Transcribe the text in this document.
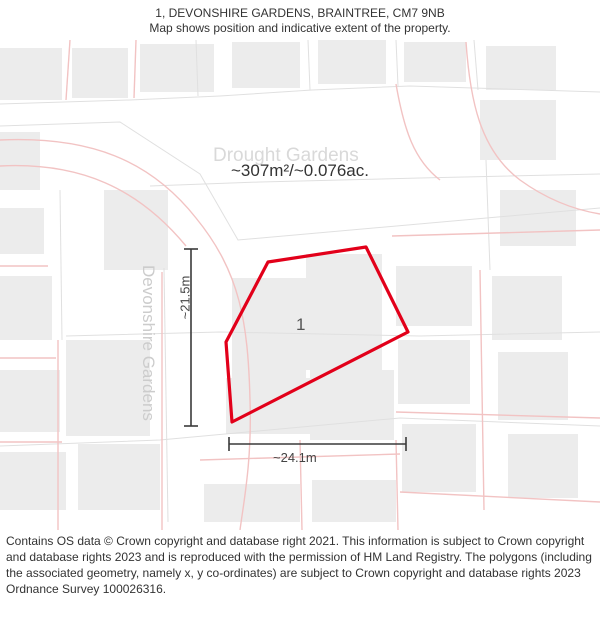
1, DEVONSHIRE GARDENS, BRAINTREE, CM7 9NB
Map shows position and indicative extent of the property.
Drought Gardens
Devonshire Gardens
~307m²/~0.076ac.
1
~21.5m
~24.1m
Contains OS data © Crown copyright and database right 2021. This information is subject to Crown copyright and database rights 2023 and is reproduced with the permission of HM Land Registry. The polygons (including the associated geometry, namely x, y co-ordinates) are subject to Crown copyright and database rights 2023 Ordnance Survey 100026316.
